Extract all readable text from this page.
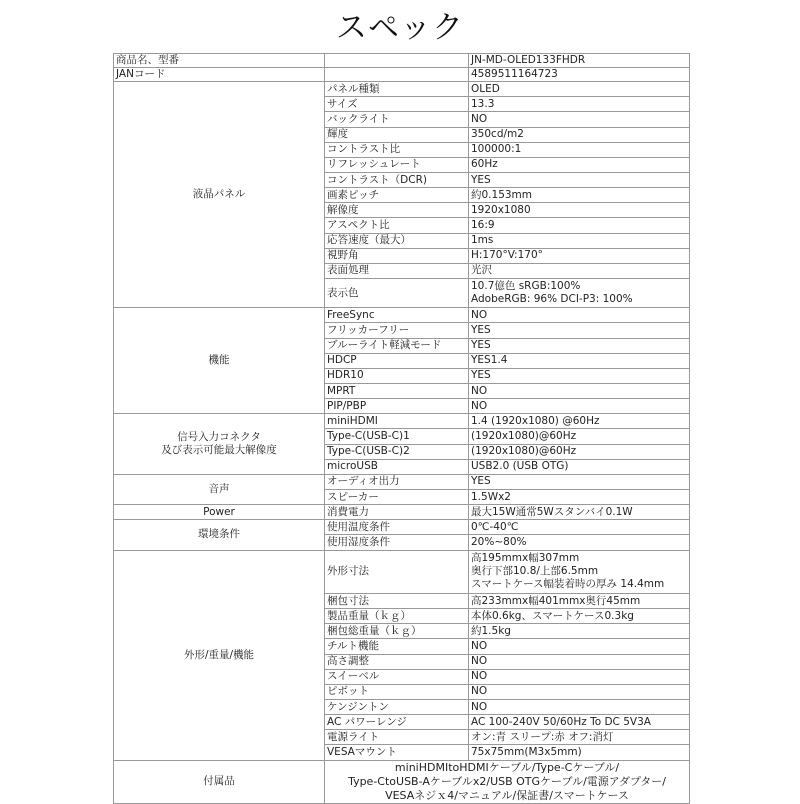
スペック
商品名、型番		JN-MD-OLED133FHDR
JANコード		4589511164723

液晶パネル	パネル種類	OLED

	サイズ	13.3

	バックライト	NO

	輝度	350cd/m2

	コントラスト比	100000:1

	リフレッシュレート	60Hz

	コントラスト（DCR)	YES

	画素ピッチ	約0.153mm

	解像度	1920x1080

	アスペクト比	16:9

	応答速度（最大）	1ms

	視野角	H:170°V:170°

	表面処理	光沢

	表示色	10.7億色 sRGB:100%
AdobeRGB: 96% DCI-P3: 100%

機能	FreeSync	NO

	フリッカーフリー	YES

	ブルーライト軽減モード	YES

	HDCP	YES1.4

	HDR10	YES

	MPRT	NO

	PIP/PBP	NO

信号入力コネクタ
及び表示可能最大解像度	miniHDMI	1.4 (1920x1080) @60Hz

	Type-C(USB-C)1	(1920x1080)@60Hz

	Type-C(USB-C)2	(1920x1080)@60Hz

	microUSB	USB2.0 (USB OTG)

音声	オーディオ出力	YES

	スピーカー	1.5Wx2

Power	消費電力	最大15W通常5Wスタンバイ0.1W

環境条件	使用温度条件	0℃-40℃

	使用湿度条件	20%~80%

外形/重量/機能	外形寸法	高195mmx幅307mm
奥行下部10.8/上部6.5mm
スマートケース幅装着時の厚み 14.4mm

	梱包寸法	高233mmx幅401mmx奥行45mm

	製品重量（ｋｇ）	本体0.6kg、スマートケース0.3kg

	梱包総重量（ｋｇ）	約1.5kg

	チルト機能	NO

	高さ調整	NO

	スイーベル	NO

	ピボット	NO

	ケンジントン	NO

	AC パワーレンジ	AC 100-240V 50/60Hz To DC 5V3A

	電源ライト	オン:青 スリープ:赤 オフ:消灯

	VESAマウント	75x75mm(M3x5mm)

付属品	miniHDMItoHDMIケーブル/Type-Cケーブル/
Type-CtoUSB-Aケーブルx2/USB OTGケーブル/電源アダプター/
VESAネジｘ4/マニュアル/保証書/スマートケース	
